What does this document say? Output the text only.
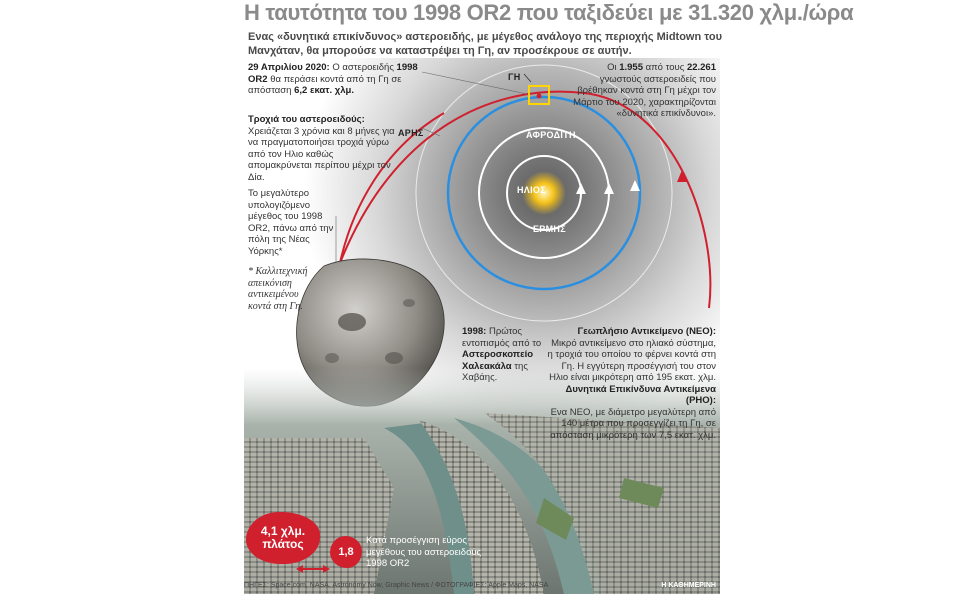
Η ταυτότητα του 1998 OR2 που ταξιδεύει με 31.320 χλμ./ώρα
Ενας «δυνητικά επικίνδυνος» αστεροειδής, με μέγεθος ανάλογο της περιοχής Midtown του Μανχάταν, θα μπορούσε να καταστρέψει τη Γη, αν προσέκρουε σε αυτήν.
ΓΗ
ΑΡΗΣ	ΑΦΡΟΔΙΤΗ
ΗΛΙΟΣ
ΕΡΜΗΣ
29 Απριλίου 2020: Ο αστεροειδής 1998 OR2 θα περάσει κοντά από τη Γη σε απόσταση 6,2 εκατ. χλμ.
Οι 1.955 από τους 22.261 γνωστούς αστεροειδείς που βρέθηκαν κοντά στη Γη μέχρι τον Μάρτιο του 2020, χαρακτηρίζονται «δυνητικά επικίνδυνοι».
Τροχιά του αστεροειδούς:
Χρειάζεται 3 χρόνια και 8 μήνες για να πραγματοποιήσει τροχιά γύρω από τον Ηλιο καθώς απομακρύνεται περίπου μέχρι τον Δία.
Το μεγαλύτερο υπολογιζόμενο μέγεθος του 1998 OR2, πάνω από την πόλη της Νέας Υόρκης*
* Καλλιτεχνική απεικόνιση αντικειμένου κοντά στη Γη.
1998: Πρώτος εντοπισμός από το Αστεροσκοπείο Χαλεακάλα της Χαβάης.
Γεωπλήσιο Αντικείμενο (NEO):
Μικρό αντικείμενο στο ηλιακό σύστημα, η τροχιά του οποίου το φέρνει κοντά στη Γη. Η εγγύτερη προσέγγισή του στον Ηλιο είναι μικρότερη από 195 εκατ. χλμ.
Δυνητικά Επικίνδυνα Αντικείμενα (PHO):
Ενα NEO, με διάμετρο μεγαλύτερη από 140 μέτρα που προσεγγίζει τη Γη, σε απόσταση μικρότερη των 7,5 εκατ. χλμ.
4,1 χλμ.
πλάτος
1,8
Κατά προσέγγιση εύρος μεγέθους του αστεροειδούς 1998 OR2
ΠΗΓΕΣ: Space.com, NASA, Astronomy Now, Graphic News / ΦΩΤΟΓΡΑΦΙΕΣ: Apple Maps, NASA	Η ΚΑΘΗΜΕΡΙΝΗ
